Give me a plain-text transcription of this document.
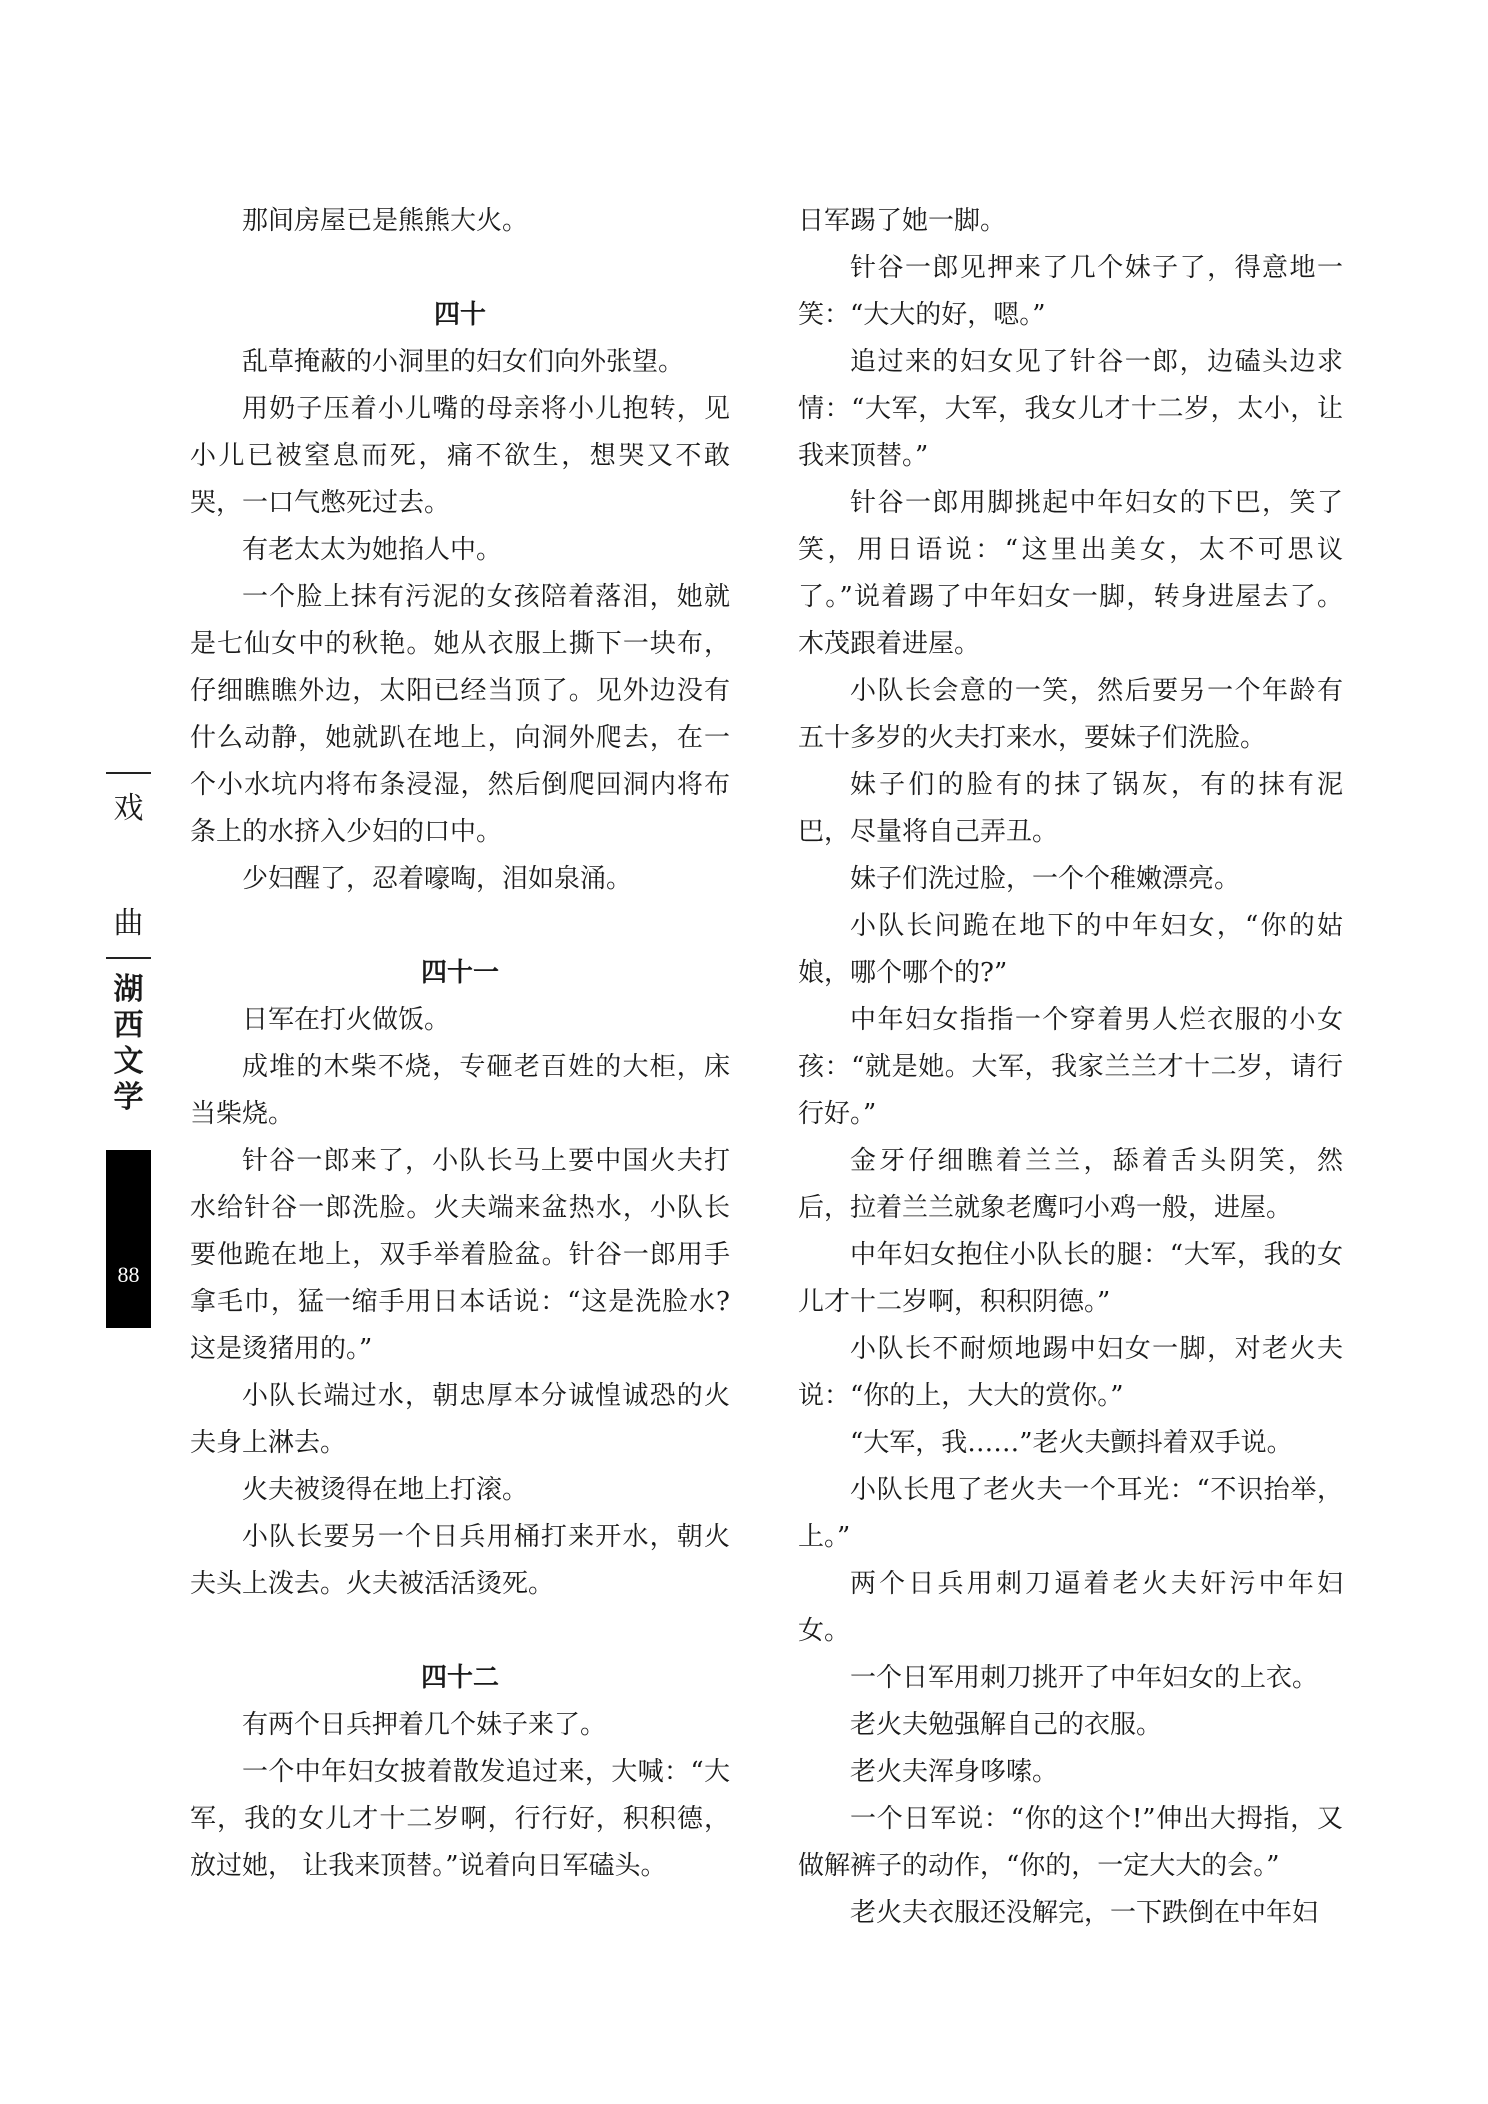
戏
曲
湖
西
文
学
88

那间房屋已是熊熊大火。

四十

乱草掩蔽的小洞里的妇女们向外张望。

用奶子压着小儿嘴的母亲将小儿抱转，见小儿已被窒息而死，痛不欲生，想哭又不敢哭，一口气憋死过去。

有老太太为她掐人中。

一个脸上抹有污泥的女孩陪着落泪，她就是七仙女中的秋艳。她从衣服上撕下一块布，仔细瞧瞧外边，太阳已经当顶了。见外边没有什么动静，她就趴在地上，向洞外爬去，在一个小水坑内将布条浸湿，然后倒爬回洞内将布条上的水挤入少妇的口中。

少妇醒了，忍着嚎啕，泪如泉涌。

四十一

日军在打火做饭。

成堆的木柴不烧，专砸老百姓的大柜，床当柴烧。

针谷一郎来了，小队长马上要中国火夫打水给针谷一郎洗脸。火夫端来盆热水，小队长要他跪在地上，双手举着脸盆。针谷一郎用手拿毛巾，猛一缩手用日本话说：“这是洗脸水?这是烫猪用的。”

小队长端过水，朝忠厚本分诚惶诚恐的火夫身上淋去。

火夫被烫得在地上打滚。

小队长要另一个日兵用桶打来开水，朝火夫头上泼去。火夫被活活烫死。

四十二

有两个日兵押着几个妹子来了。

一个中年妇女披着散发追过来，大喊：“大军，我的女儿才十二岁啊，行行好，积积德，放过她， 让我来顶替。”说着向日军磕头。

日军踢了她一脚。

针谷一郎见押来了几个妹子了，得意地一笑：“大大的好，嗯。”

追过来的妇女见了针谷一郎，边磕头边求情：“大军，大军，我女儿才十二岁，太小，让我来顶替。”

针谷一郎用脚挑起中年妇女的下巴，笑了笑，用日语说：“这里出美女，太不可思议了。”说着踢了中年妇女一脚，转身进屋去了。木茂跟着进屋。

小队长会意的一笑，然后要另一个年龄有五十多岁的火夫打来水，要妹子们洗脸。

妹子们的脸有的抹了锅灰，有的抹有泥巴，尽量将自己弄丑。

妹子们洗过脸，一个个稚嫩漂亮。

小队长问跪在地下的中年妇女，“你的姑娘，哪个哪个的?”

中年妇女指指一个穿着男人烂衣服的小女孩：“就是她。大军，我家兰兰才十二岁，请行行好。”

金牙仔细瞧着兰兰，舔着舌头阴笑，然后，拉着兰兰就象老鹰叼小鸡一般，进屋。

中年妇女抱住小队长的腿：“大军，我的女儿才十二岁啊，积积阴德。”

小队长不耐烦地踢中妇女一脚，对老火夫说：“你的上，大大的赏你。”

“大军，我……”老火夫颤抖着双手说。

小队长甩了老火夫一个耳光：“不识抬举，上。”

两个日兵用刺刀逼着老火夫奸污中年妇女。

一个日军用刺刀挑开了中年妇女的上衣。

老火夫勉强解自己的衣服。

老火夫浑身哆嗦。

一个日军说：“你的这个!”伸出大拇指，又做解裤子的动作，“你的，一定大大的会。”

老火夫衣服还没解完，一下跌倒在中年妇
